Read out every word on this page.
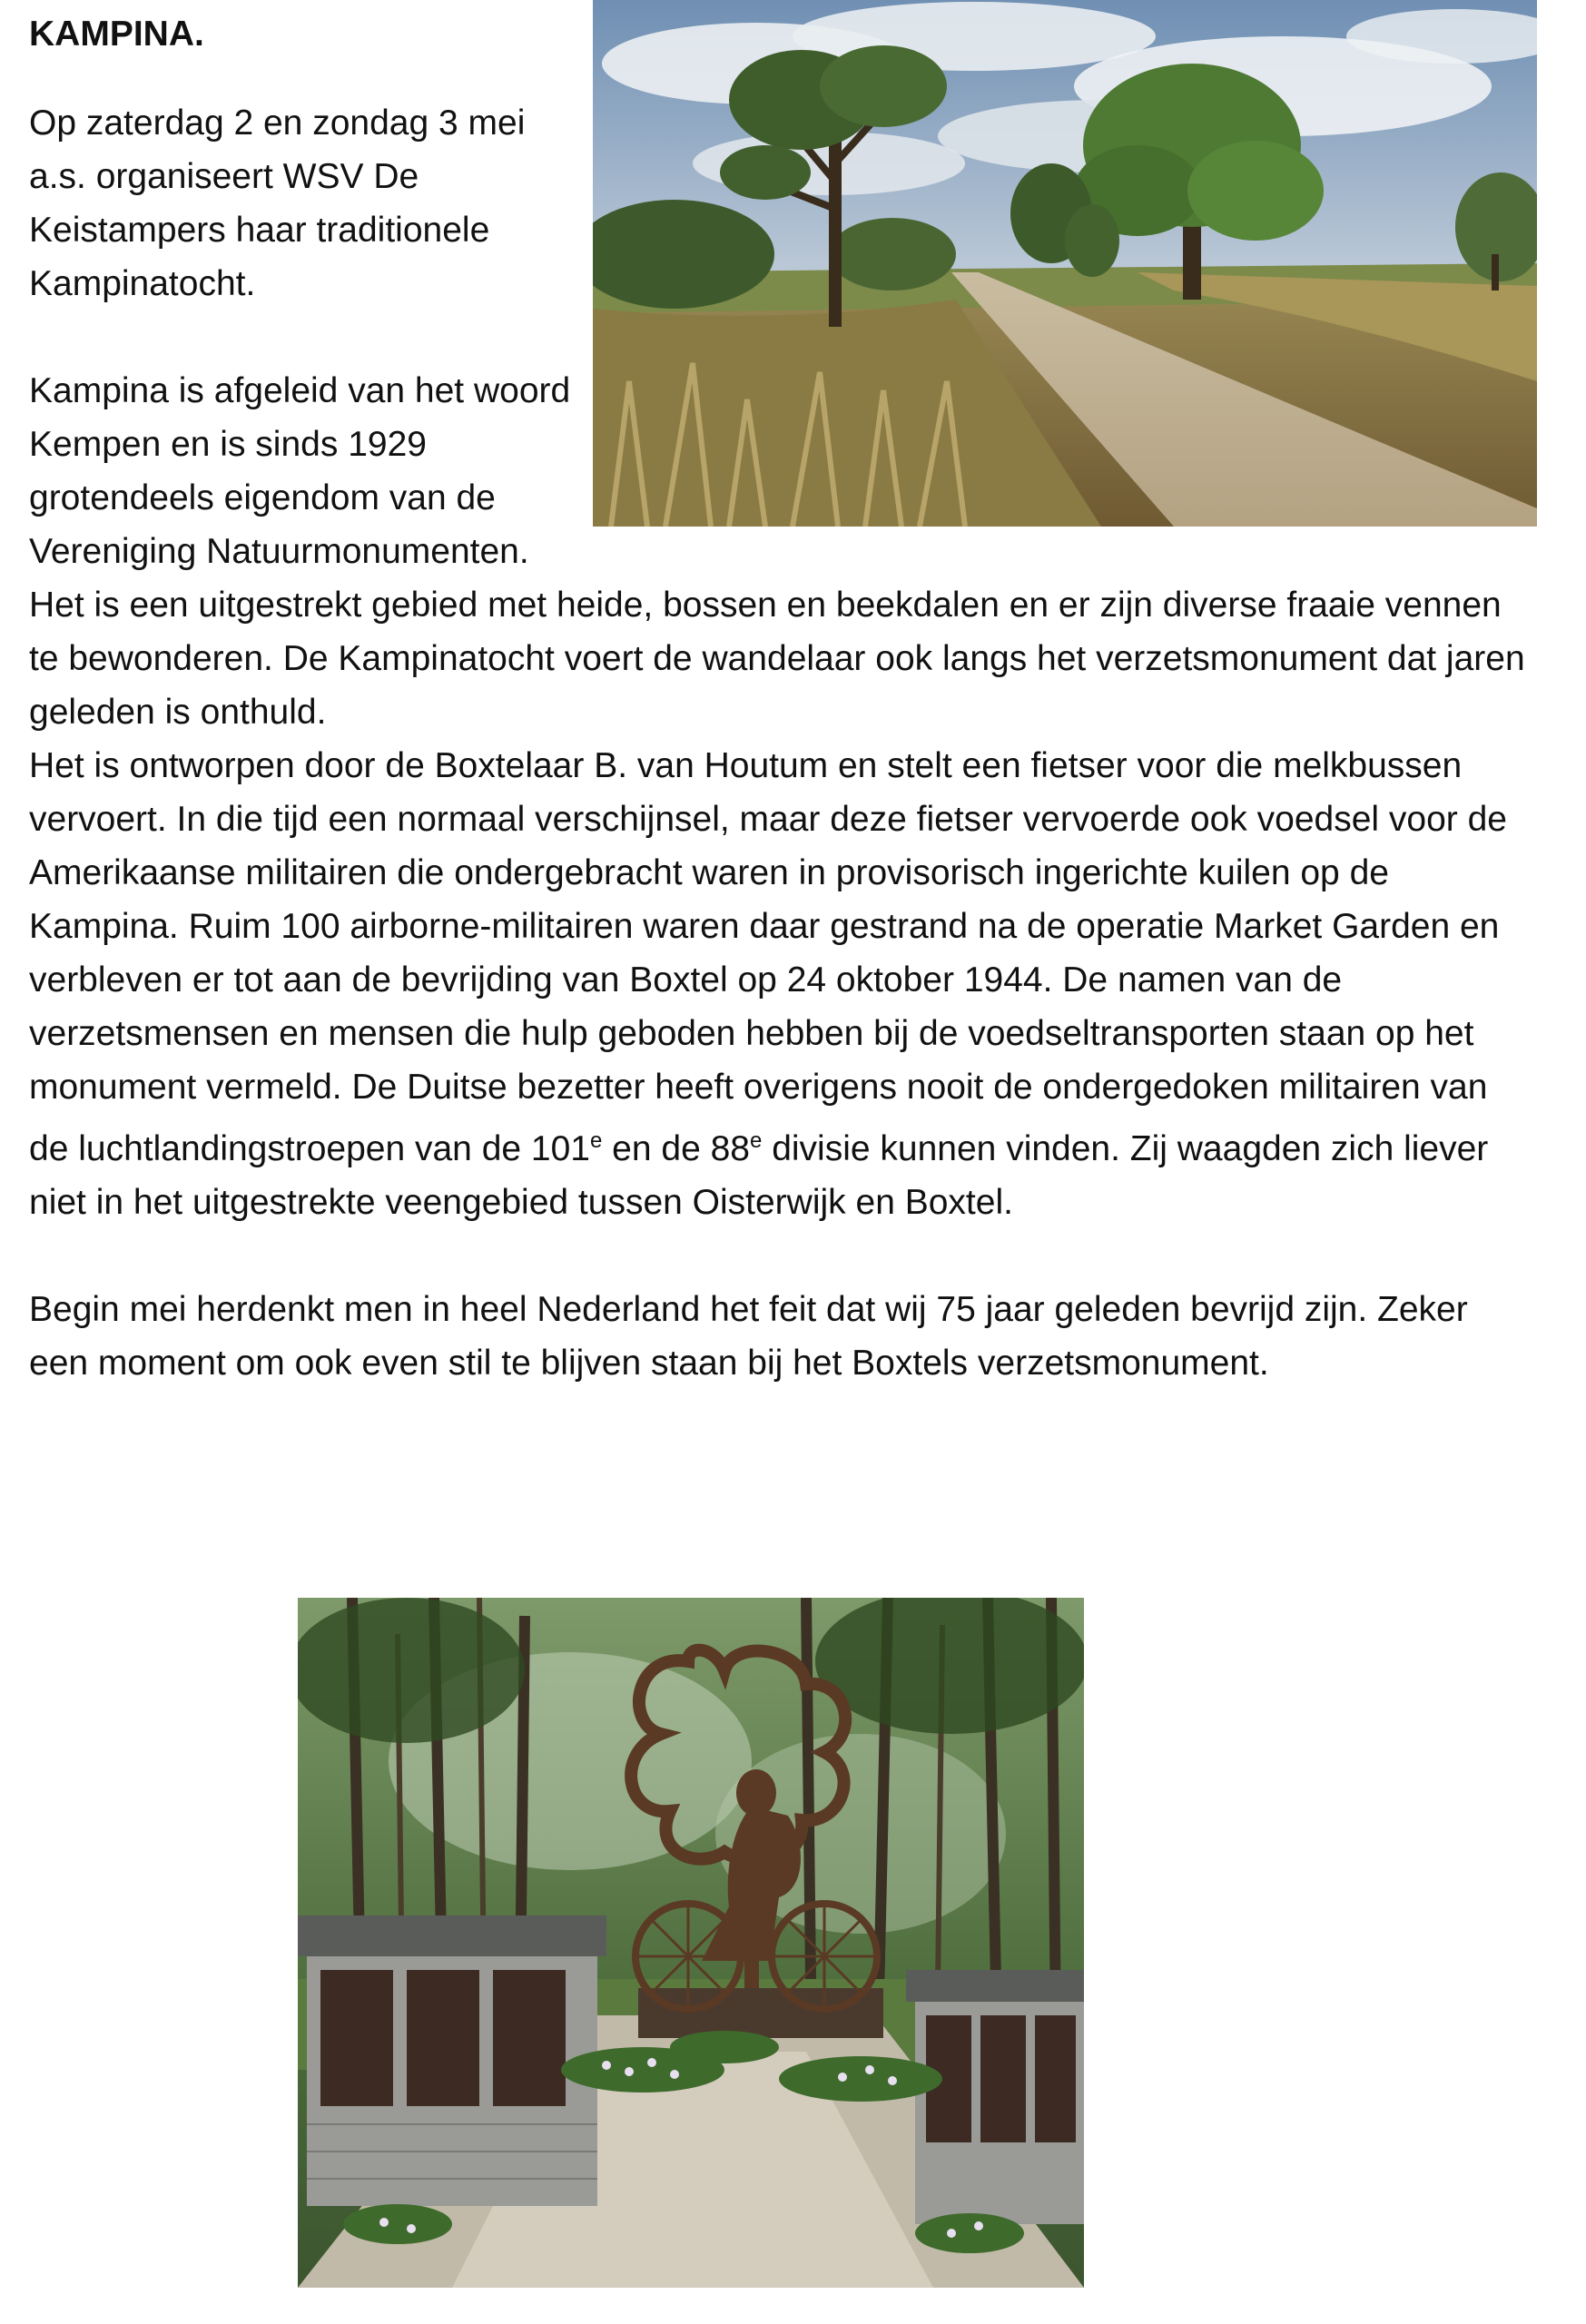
KAMPINA.

Op zaterdag 2 en zondag 3 mei a.s. organiseert WSV De Keistampers haar traditionele Kampinatocht.

Kampina is afgeleid van het woord Kempen en is sinds 1929 grotendeels eigendom van de Vereniging Natuurmonumenten. Het is een uitgestrekt gebied met heide, bossen en beekdalen en er zijn diverse fraaie vennen te bewonderen. De Kampinatocht voert de wandelaar ook langs het verzetsmonument dat jaren geleden is onthuld.

Het is ontworpen door de Boxtelaar B. van Houtum en stelt een fietser voor die melkbussen vervoert. In die tijd een normaal verschijnsel, maar deze fietser vervoerde ook voedsel voor de Amerikaanse militairen die ondergebracht waren in provisorisch ingerichte kuilen op de Kampina. Ruim 100 airborne-militairen waren daar gestrand na de operatie Market Garden en verbleven er tot aan de bevrijding van Boxtel op 24 oktober 1944. De namen van de verzetsmensen en mensen die hulp geboden hebben bij de voedseltransporten staan op het monument vermeld. De Duitse bezetter heeft overigens nooit de ondergedoken militairen van de luchtlandingstroepen van de 101e en de 88e divisie kunnen vinden. Zij waagden zich liever niet in het uitgestrekte veengebied tussen Oisterwijk en Boxtel.

Begin mei herdenkt men in heel Nederland het feit dat wij 75 jaar geleden bevrijd zijn. Zeker een moment om ook even stil te blijven staan bij het Boxtels verzetsmonument.
